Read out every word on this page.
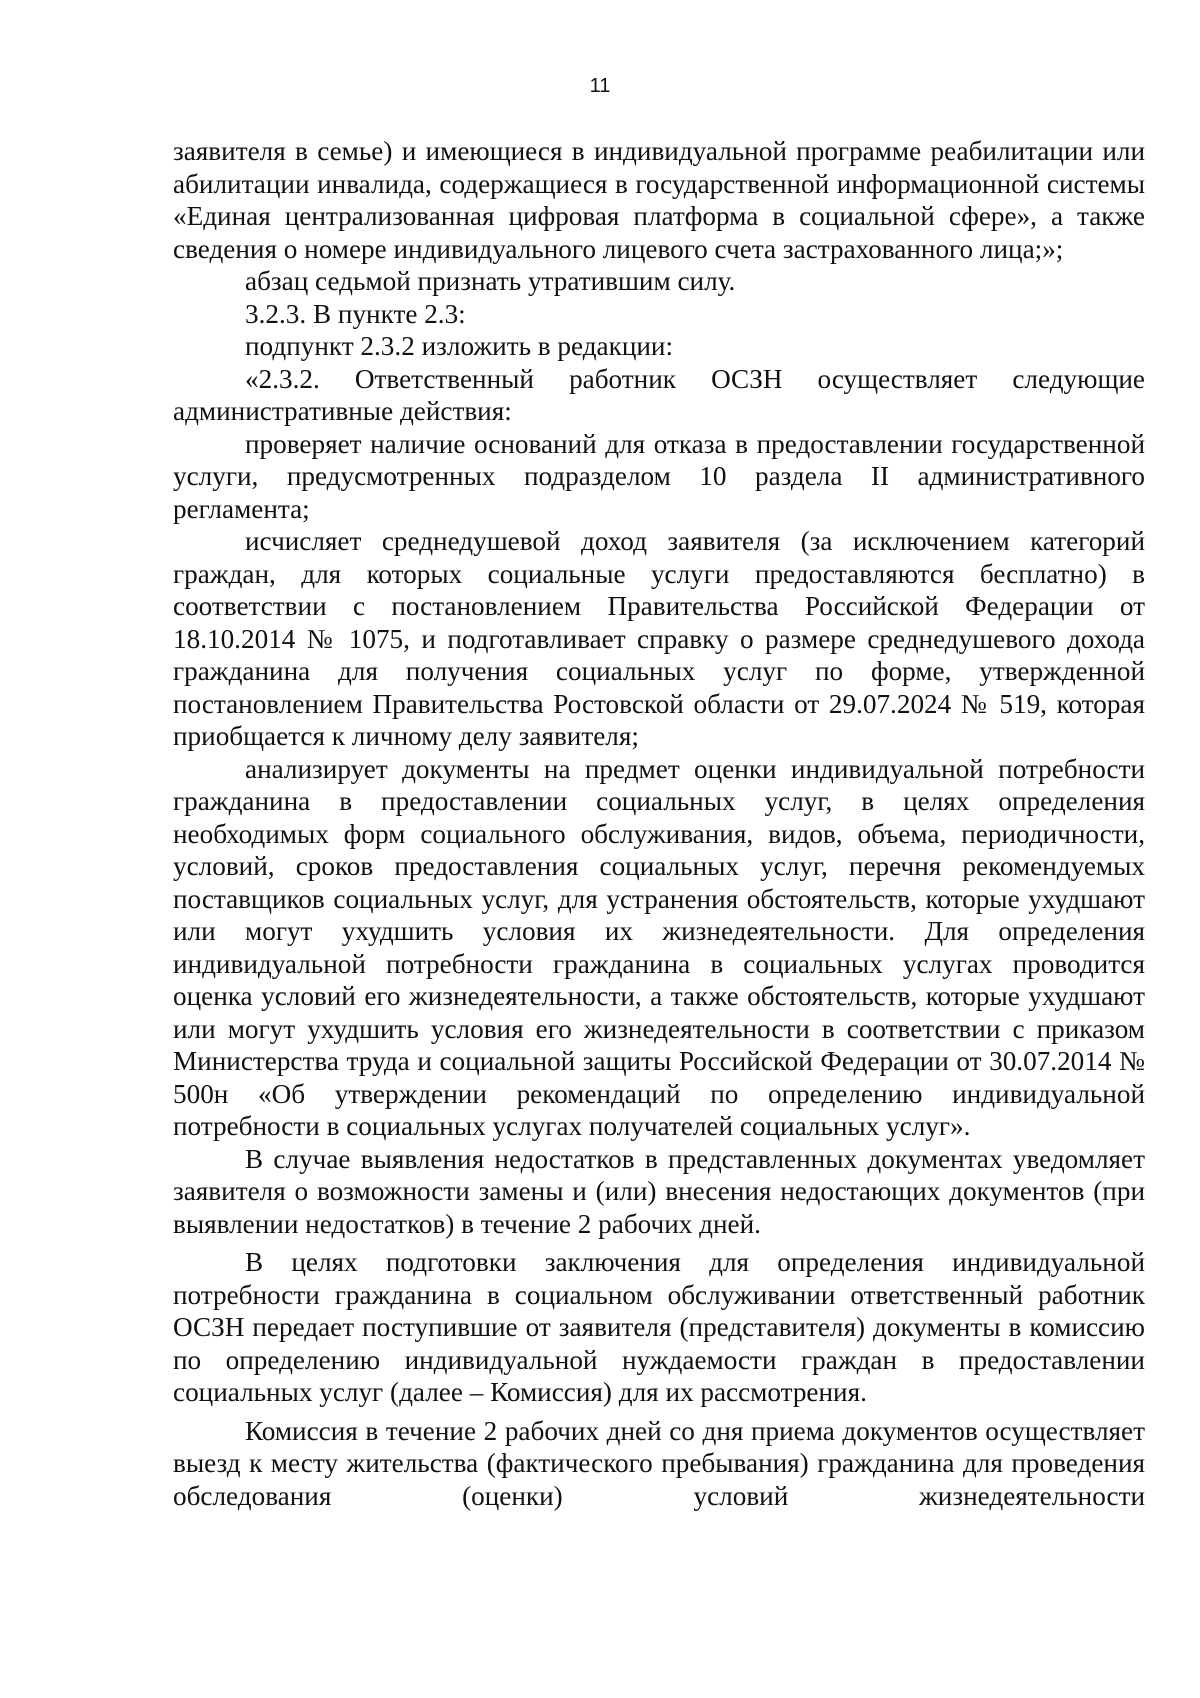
11

заявителя в семье) и имеющиеся в индивидуальной программе реабилитации или абилитации инвалида, содержащиеся в государственной информационной системы «Единая централизованная цифровая платформа в социальной сфере», а также сведения о номере индивидуального лицевого счета застрахованного лица;»;

абзац седьмой признать утратившим силу.

3.2.3. В пункте 2.3:

подпункт 2.3.2 изложить в редакции:

«2.3.2. Ответственный работник ОСЗН осуществляет следующие административные действия:

проверяет наличие оснований для отказа в предоставлении государственной услуги, предусмотренных подразделом 10 раздела II административного регламента;

исчисляет среднедушевой доход заявителя (за исключением категорий граждан, для которых социальные услуги предоставляются бесплатно) в соответствии с постановлением Правительства Российской Федерации от 18.10.2014 № 1075, и подготавливает справку о размере среднедушевого дохода гражданина для получения социальных услуг по форме, утвержденной постановлением Правительства Ростовской области от 29.07.2024 № 519, которая приобщается к личному делу заявителя;

анализирует документы на предмет оценки индивидуальной потребности гражданина в предоставлении социальных услуг, в целях определения необходимых форм социального обслуживания, видов, объема, периодичности, условий, сроков предоставления социальных услуг, перечня рекомендуемых поставщиков социальных услуг, для устранения обстоятельств, которые ухудшают или могут ухудшить условия их жизнедеятельности. Для определения индивидуальной потребности гражданина в социальных услугах проводится оценка условий его жизнедеятельности, а также обстоятельств, которые ухудшают или могут ухудшить условия его жизнедеятельности в соответствии с приказом Министерства труда и социальной защиты Российской Федерации от 30.07.2014 № 500н «Об утверждении рекомендаций по определению индивидуальной потребности в социальных услугах получателей социальных услуг».

В случае выявления недостатков в представленных документах уведомляет заявителя о возможности замены и (или) внесения недостающих документов (при выявлении недостатков) в течение 2 рабочих дней.

В целях подготовки заключения для определения индивидуальной потребности гражданина в социальном обслуживании ответственный работник ОСЗН передает поступившие от заявителя (представителя) документы в комиссию по определению индивидуальной нуждаемости граждан в предоставлении социальных услуг (далее – Комиссия) для их рассмотрения.

Комиссия в течение 2 рабочих дней со дня приема документов осуществляет выезд к месту жительства (фактического пребывания) гражданина для проведения обследования (оценки) условий жизнедеятельности
